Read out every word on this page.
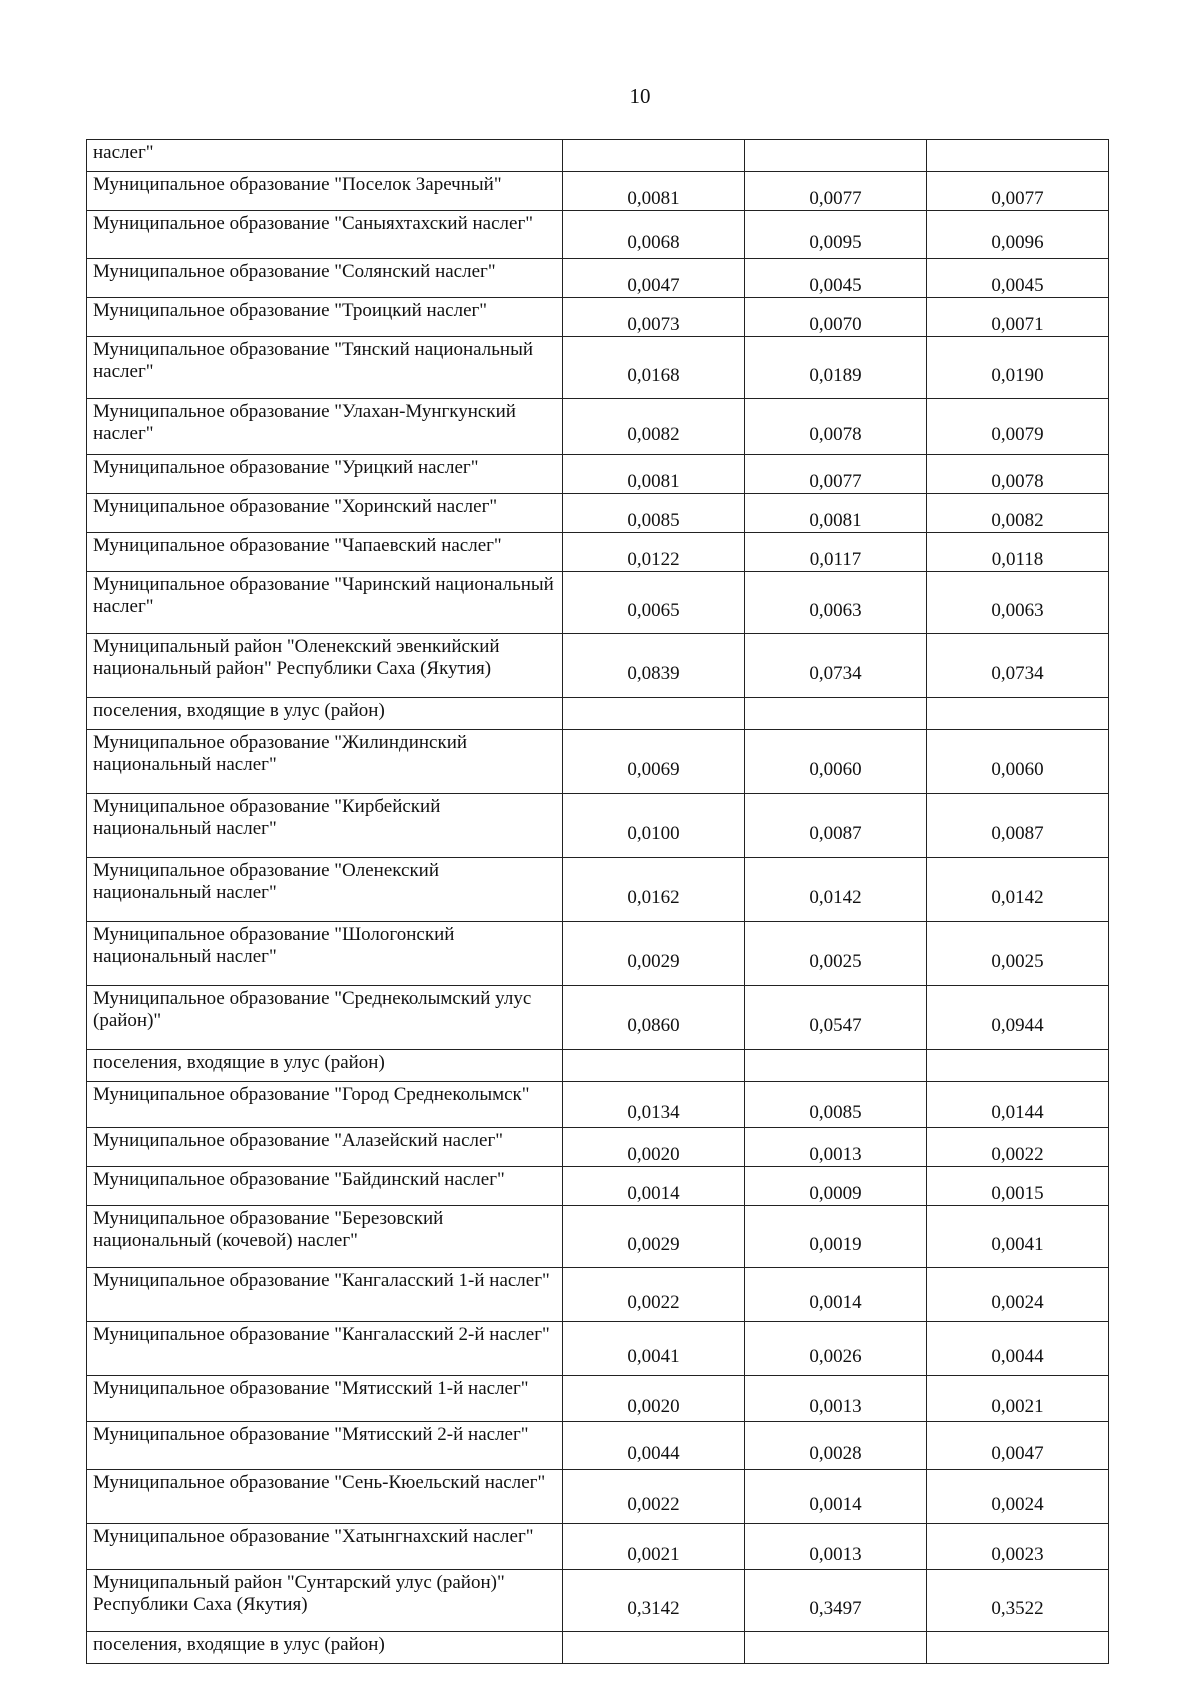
10
наслег"			
Муниципальное образование "Поселок Заречный"	0,0081	0,0077	0,0077
Муниципальное образование "Саныяхтахский наслег"	0,0068	0,0095	0,0096
Муниципальное образование "Солянский наслег"	0,0047	0,0045	0,0045
Муниципальное образование "Троицкий наслег"	0,0073	0,0070	0,0071
Муниципальное образование "Тянский национальный наслег"	0,0168	0,0189	0,0190
Муниципальное образование "Улахан-Мунгкунский наслег"	0,0082	0,0078	0,0079
Муниципальное образование "Урицкий наслег"	0,0081	0,0077	0,0078
Муниципальное образование "Хоринский наслег"	0,0085	0,0081	0,0082
Муниципальное образование "Чапаевский наслег"	0,0122	0,0117	0,0118
Муниципальное образование "Чаринский национальный наслег"	0,0065	0,0063	0,0063
Муниципальный район "Оленекский эвенкийский национальный район" Республики Саха (Якутия)	0,0839	0,0734	0,0734
поселения, входящие в улус (район)			
Муниципальное образование "Жилиндинский национальный наслег"	0,0069	0,0060	0,0060
Муниципальное образование "Кирбейский национальный наслег"	0,0100	0,0087	0,0087
Муниципальное образование "Оленекский национальный наслег"	0,0162	0,0142	0,0142
Муниципальное образование "Шологонский национальный наслег"	0,0029	0,0025	0,0025
Муниципальное образование "Среднеколымский улус (район)"	0,0860	0,0547	0,0944
поселения, входящие в улус (район)			
Муниципальное образование "Город Среднеколымск"	0,0134	0,0085	0,0144
Муниципальное образование "Алазейский наслег"	0,0020	0,0013	0,0022
Муниципальное образование "Байдинский наслег"	0,0014	0,0009	0,0015
Муниципальное образование "Березовский национальный (кочевой) наслег"	0,0029	0,0019	0,0041
Муниципальное образование "Кангаласский 1-й наслег"	0,0022	0,0014	0,0024
Муниципальное образование "Кангаласский 2-й наслег"	0,0041	0,0026	0,0044
Муниципальное образование "Мятисский 1-й наслег"	0,0020	0,0013	0,0021
Муниципальное образование "Мятисский 2-й наслег"	0,0044	0,0028	0,0047
Муниципальное образование "Сень-Кюельский наслег"	0,0022	0,0014	0,0024
Муниципальное образование "Хатынгнахский наслег"	0,0021	0,0013	0,0023
Муниципальный район "Сунтарский улус (район)" Республики Саха (Якутия)	0,3142	0,3497	0,3522
поселения, входящие в улус (район)			
